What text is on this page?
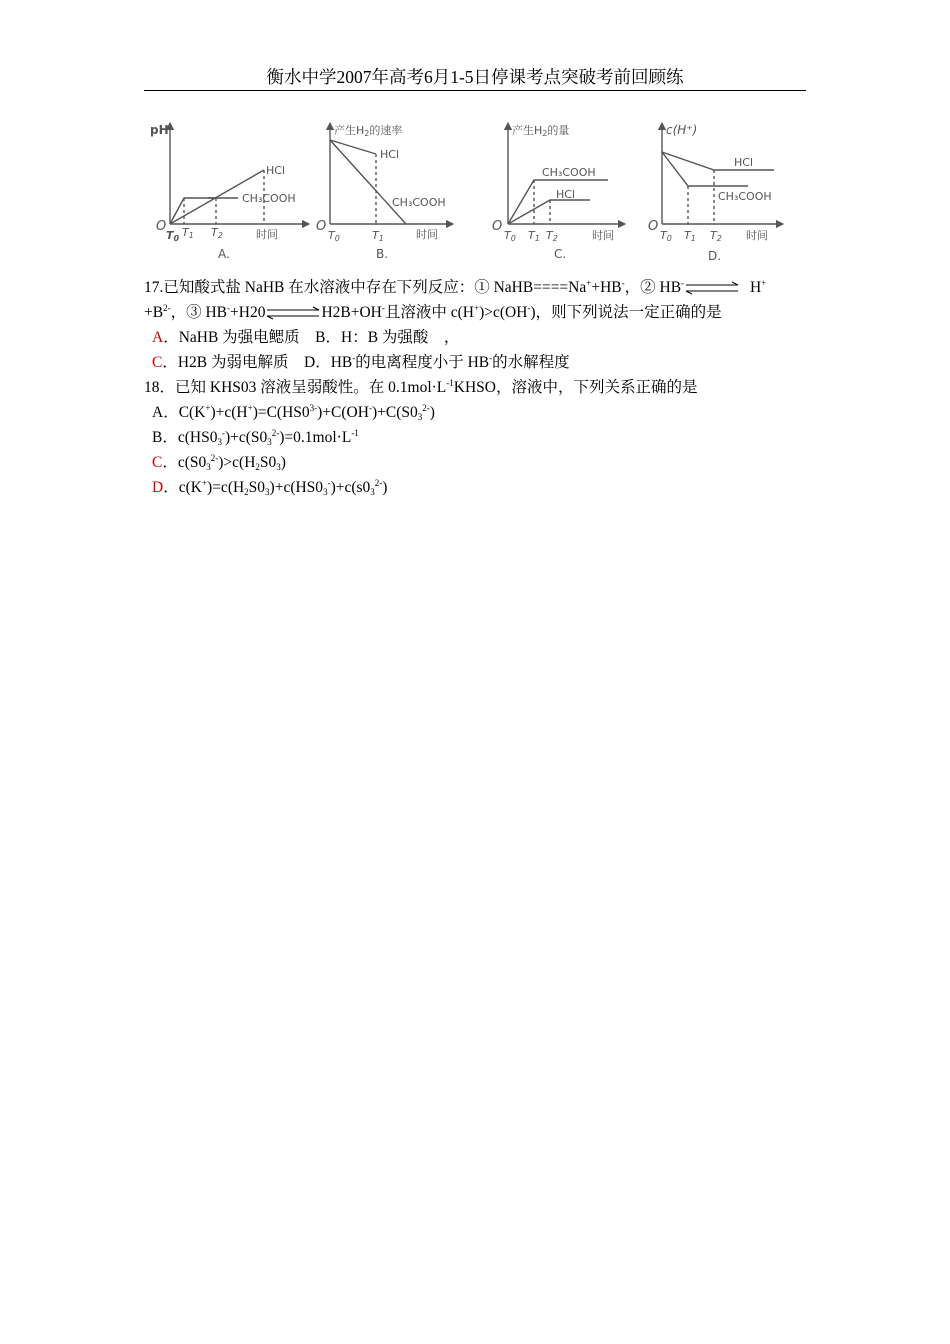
衡水中学2007年高考6月1-5日停课考点突破考前回顾练
pH
O
T0 T1 T2	时间
HCl
CH₃COOH
A.
产生H2的速率
O
T0	T1	时间
HCl
CH₃COOH
B.
产生H2的量
O
T0 T1 T2	时间
CH₃COOH
HCl
C.
c(H⁺)
O
T0 T1 T2 时间
HCl
CH₃COOH
D.
17.已知酸式盐 NaHB 在水溶液中存在下列反应：① NaHB====Na++HB-，② HB-⇌ H+
$+B^{2-}$，③ HB-+H20⇌H2B+OH-且溶液中 c(H+)>c(OH-)，则下列说法一定正确的是
A．NaHB 为强电鳃质　B．H：B 为强酸　，
C．H2B 为弱电解质　D．HB-的电离程度小于 HB-的水解程度
18．已知 KHS03 溶液呈弱酸性。在 $0.1mol\cdot L^{-1}KHSO$，溶液中，下列关系正确的是
A．$C(K^+)+c(H^+)=C(HS0^{3-})+C(OH^-)+C(S0_3^{2-})$
B．$c(HS0_3^-)+c(S0_3^{2-})=0.1mol\cdot L^{-1}$
C．$c(S0_3^{2-})>c(H_2S0_3)$
D．$c(K^+)=c(H_2S0_3)+c(HS0_3^-)+c(s0_3^{2-})$
